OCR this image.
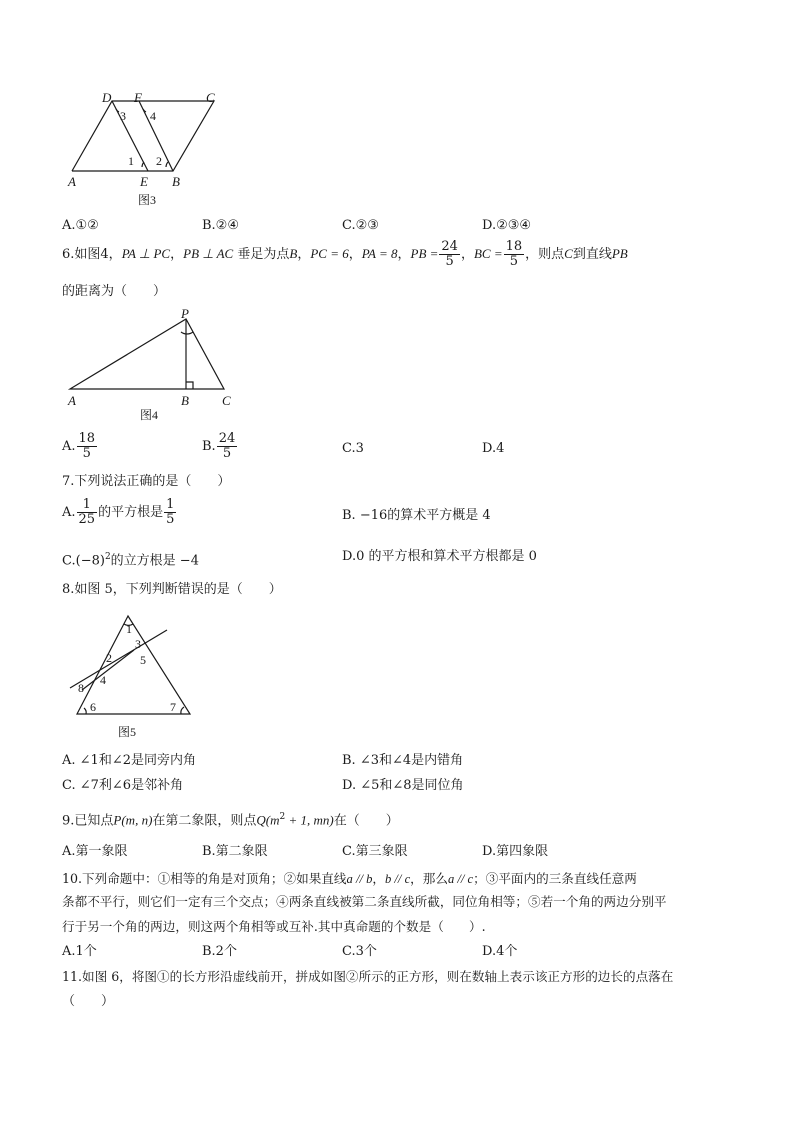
D F	C
A	E B
3 4
1 2
图3
A.①②	B.②④	C.②③	D.②③④
6.如图4，PA ⊥ PC，PB ⊥ AC 垂足为点B，PC = 6，PA = 8，PB = $\frac{24}{5}$ ，BC = $\frac{18}{5}$ ，则点C到直线PB
的距离为（　　）
P
A	B	C
图4
A. $\frac{18}{5}$	B. $\frac{24}{5}$	C.3	D.4
7.下列说法正确的是（　　）
A. $\frac{1}{25}$ 的平方根是 $\frac{1}{5}$	B. −16的算术平方概是 4
$C.(-8)^2$的立方根是 −4	D.0 的平方根和算术平方根都是 0
8.如图 5，下列判断错误的是（　　）
1
2
3
4
5
6	7
8
图5
A. ∠1和∠2是同旁内角	B. ∠3和∠4是内错角
C. ∠7利∠6是邻补角	D. ∠5和∠8是同位角
9.已知点P(m, n)在第二象限，则点$Q(m^2 + 1$, mn)在（　　）
A.第一象限	B.第二象限	C.第三象限	D.第四象限
10.下列命题中：①相等的角是对顶角；②如果直线a // b，b // c，那么a // c；③平面内的三条直线任意两
条都不平行，则它们一定有三个交点；④两条直线被第二条直线所截，同位角相等；⑤若一个角的两边分别平
行于另一个角的两边，则这两个角相等或互补.其中真命题的个数是（　　）.
A.1个	B.2个	C.3个	D.4个
11.如图 6，将图①的长方形沿虚线前开，拼成如图②所示的正方形，则在数轴上表示该正方形的边长的点落在
（　　）
